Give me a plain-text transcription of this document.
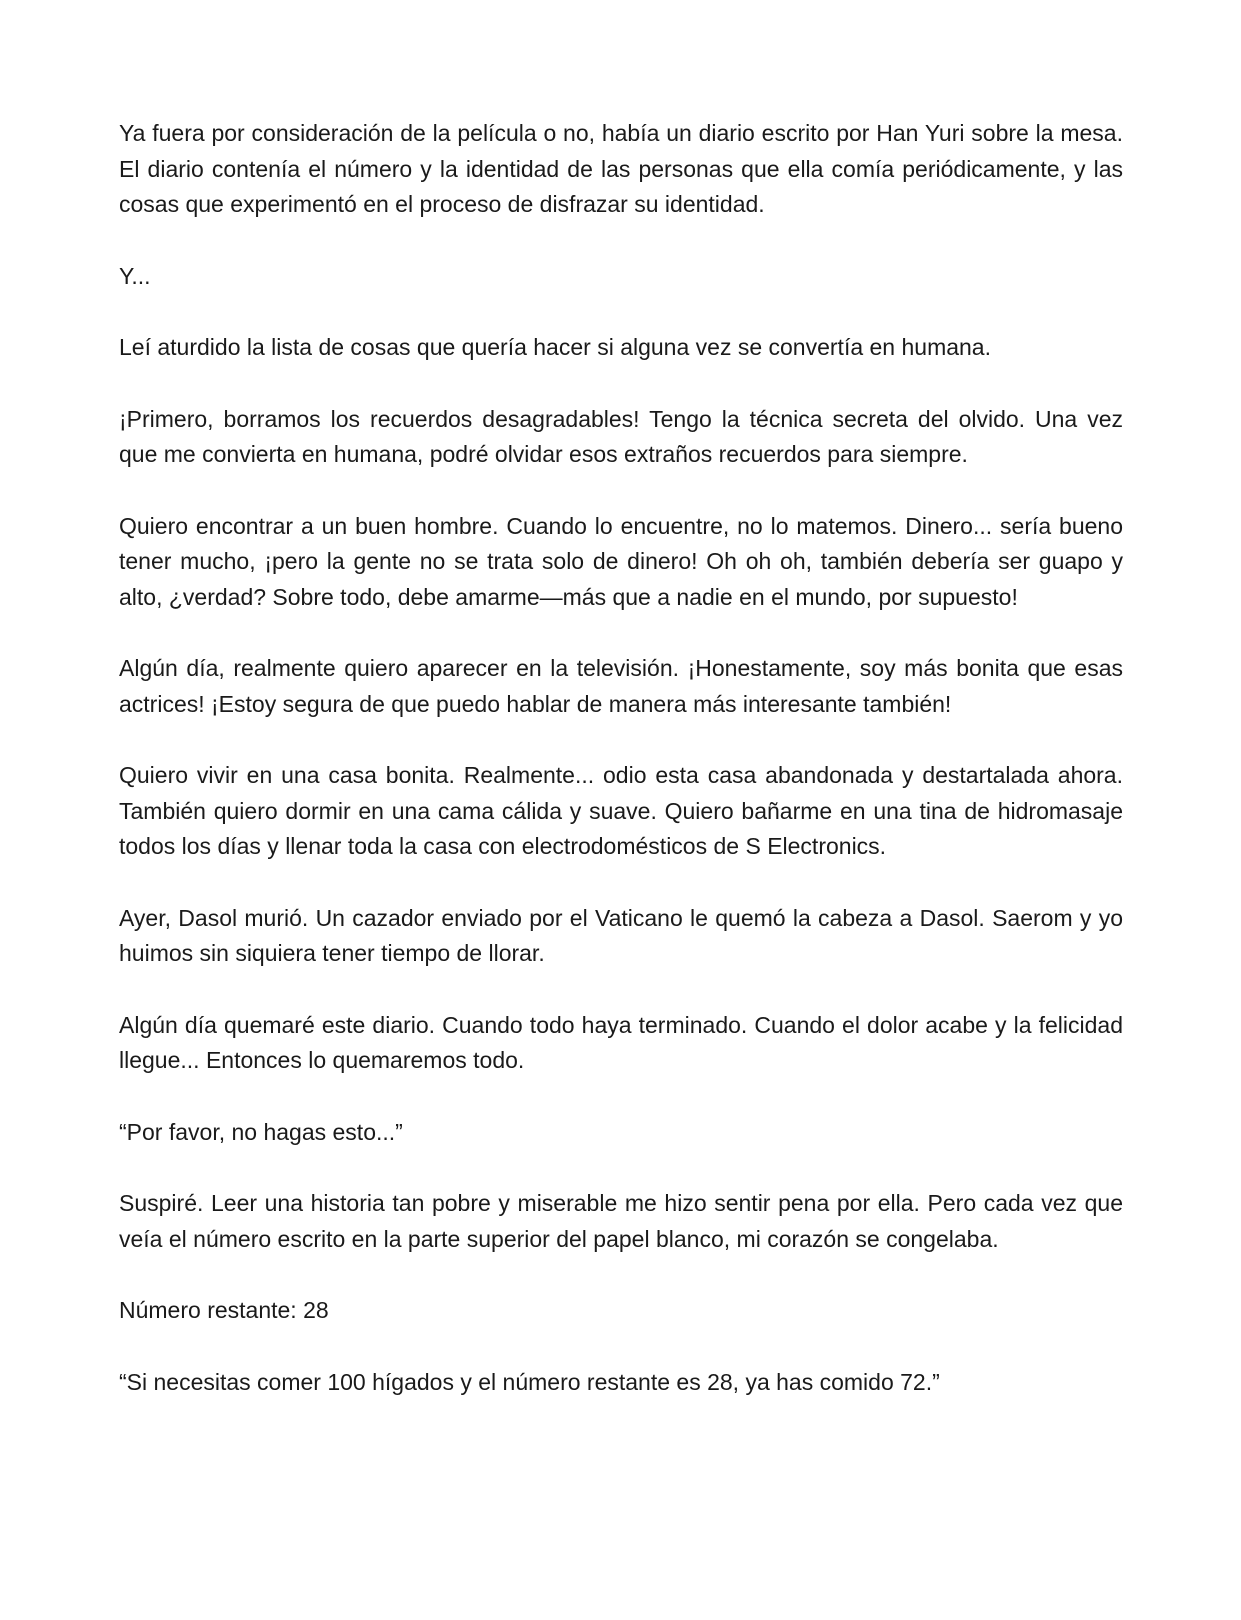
Ya fuera por consideración de la película o no, había un diario escrito por Han Yuri sobre la mesa. El diario contenía el número y la identidad de las personas que ella comía periódicamente, y las cosas que experimentó en el proceso de disfrazar su identidad.

Y...

Leí aturdido la lista de cosas que quería hacer si alguna vez se convertía en humana.

¡Primero, borramos los recuerdos desagradables! Tengo la técnica secreta del olvido. Una vez que me convierta en humana, podré olvidar esos extraños recuerdos para siempre.

Quiero encontrar a un buen hombre. Cuando lo encuentre, no lo matemos. Dinero... sería bueno tener mucho, ¡pero la gente no se trata solo de dinero! Oh oh oh, también debería ser guapo y alto, ¿verdad? Sobre todo, debe amarme—más que a nadie en el mundo, por supuesto!

Algún día, realmente quiero aparecer en la televisión. ¡Honestamente, soy más bonita que esas actrices! ¡Estoy segura de que puedo hablar de manera más interesante también!

Quiero vivir en una casa bonita. Realmente... odio esta casa abandonada y destartalada ahora. También quiero dormir en una cama cálida y suave. Quiero bañarme en una tina de hidromasaje todos los días y llenar toda la casa con electrodomésticos de S Electronics.

Ayer, Dasol murió. Un cazador enviado por el Vaticano le quemó la cabeza a Dasol. Saerom y yo huimos sin siquiera tener tiempo de llorar.

Algún día quemaré este diario. Cuando todo haya terminado. Cuando el dolor acabe y la felicidad llegue... Entonces lo quemaremos todo.

“Por favor, no hagas esto...”

Suspiré. Leer una historia tan pobre y miserable me hizo sentir pena por ella. Pero cada vez que veía el número escrito en la parte superior del papel blanco, mi corazón se congelaba.

Número restante: 28

“Si necesitas comer 100 hígados y el número restante es 28, ya has comido 72.”
